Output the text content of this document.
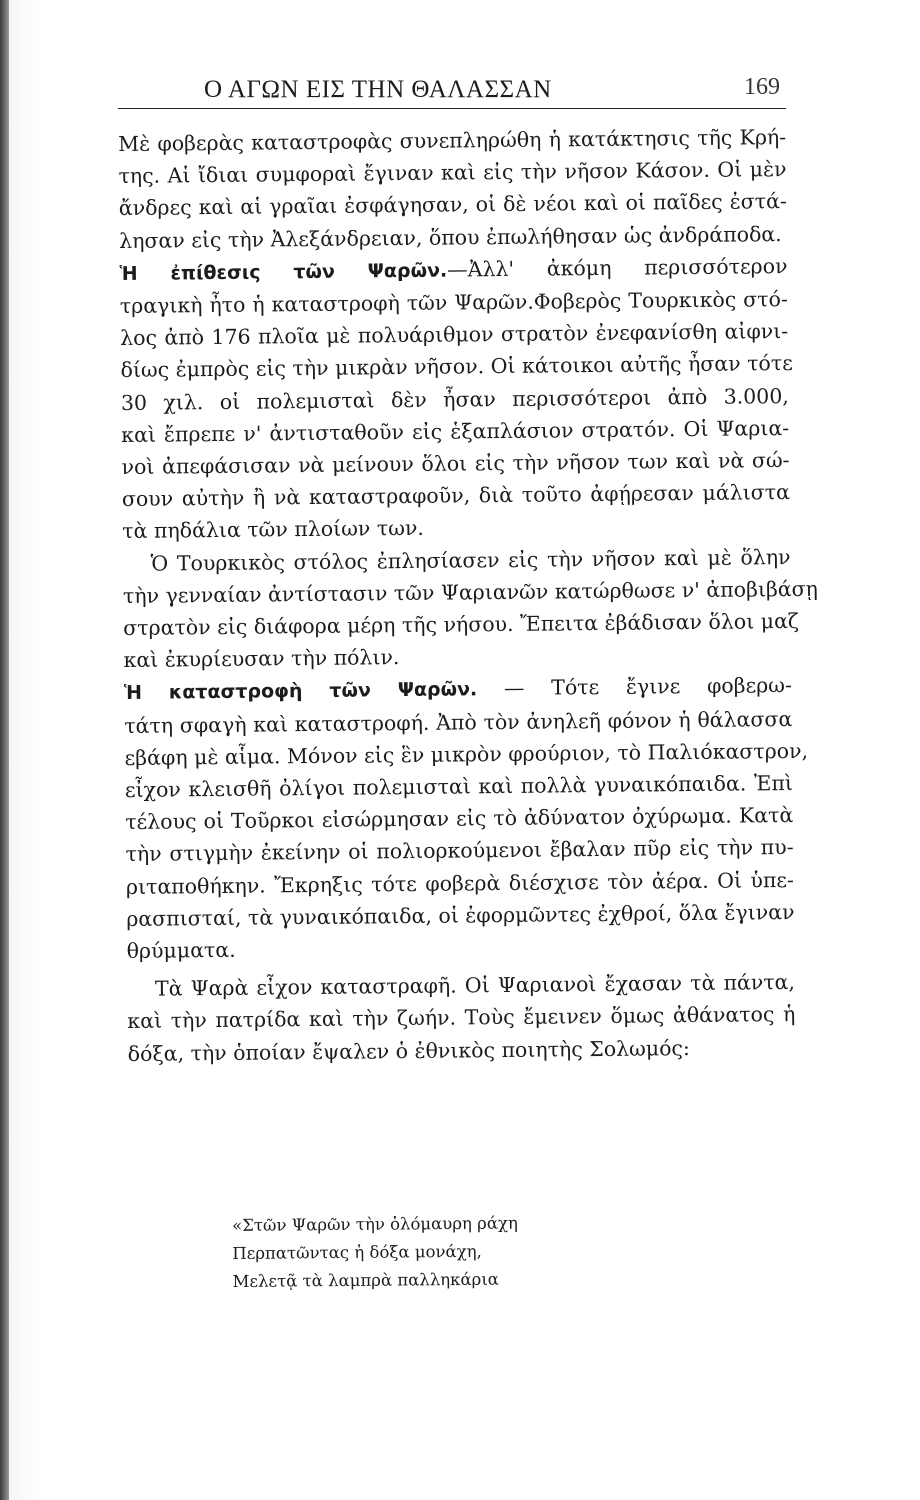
Ο ΑΓΩΝ ΕΙΣ ΤΗΝ ΘΑΛΑΣΣΑΝ	169
Μὲ φοβερὰς καταστροφὰς συνεπληρώθη ἡ κατάκτησις τῆς Κρή-
της. Αἱ ἴδιαι συμφοραὶ ἔγιναν καὶ εἰς τὴν νῆσον Κάσον. Οἱ μὲν
ἄνδρες καὶ αἱ γραῖαι ἐσφάγησαν, οἱ δὲ νέοι καὶ οἱ παῖδες ἐστά-
λησαν εἰς τὴν Ἀλεξάνδρειαν, ὅπου ἐπωλήθησαν ὡς ἀνδράποδα.
Ἡ ἐπίθεσις τῶν Ψαρῶν.—Ἀλλ' ἀκόμη περισσότερον
τραγικὴ ἦτο ἡ καταστροφὴ τῶν Ψαρῶν.Φοβερὸς Τουρκικὸς στό-
λος ἀπὸ 176 πλοῖα μὲ πολυάριθμον στρατὸν ἐνεφανίσθη αἰφνι-
δίως ἐμπρὸς εἰς τὴν μικρὰν νῆσον. Οἱ κάτοικοι αὐτῆς ἦσαν τότε
30 χιλ. οἱ πολεμισταὶ δὲν ἦσαν περισσότεροι ἀπὸ 3.000,
καὶ ἔπρεπε ν' ἀντισταθοῦν εἰς ἑξαπλάσιον στρατόν. Οἱ Ψαρια-
νοὶ ἀπεφάσισαν νὰ μείνουν ὅλοι εἰς τὴν νῆσον των καὶ νὰ σώ-
σουν αὐτὴν ἢ νὰ καταστραφοῦν, διὰ τοῦτο ἀφῄρεσαν μάλιστα
τὰ πηδάλια τῶν πλοίων των.
Ὁ Τουρκικὸς στόλος ἐπλησίασεν εἰς τὴν νῆσον καὶ μὲ ὅλην
τὴν γενναίαν ἀντίστασιν τῶν Ψαριανῶν κατώρθωσε ν' ἀποβιβάσῃ
στρατὸν εἰς διάφορα μέρη τῆς νήσου. Ἔπειτα ἐβάδισαν ὅλοι μαζ
καὶ ἐκυρίευσαν τὴν πόλιν.
Ἡ καταστροφὴ τῶν Ψαρῶν. — Τότε ἔγινε φοβερω-
τάτη σφαγὴ καὶ καταστροφή. Ἀπὸ τὸν ἀνηλεῆ φόνον ἡ θάλασσα
εβάφη μὲ αἷμα. Μόνον εἰς ἓν μικρὸν φρούριον, τὸ Παλιόκαστρον,
εἶχον κλεισθῆ ὀλίγοι πολεμισταὶ καὶ πολλὰ γυναικόπαιδα. Ἐπὶ
τέλους οἱ Τοῦρκοι εἰσώρμησαν εἰς τὸ ἀδύνατον ὀχύρωμα. Κατὰ
τὴν στιγμὴν ἐκείνην οἱ πολιορκούμενοι ἔβαλαν πῦρ εἰς τὴν πυ-
ριταποθήκην. Ἔκρηξις τότε φοβερὰ διέσχισε τὸν ἀέρα. Οἱ ὑπε-
ρασπισταί, τὰ γυναικόπαιδα, οἱ ἐφορμῶντες ἐχθροί, ὅλα ἔγιναν
θρύμματα.
Τὰ Ψαρὰ εἶχον καταστραφῆ. Οἱ Ψαριανοὶ ἔχασαν τὰ πάντα,
καὶ τὴν πατρίδα καὶ τὴν ζωήν. Τοὺς ἔμεινεν ὅμως ἀθάνατος ἡ
δόξα, τὴν ὁποίαν ἔψαλεν ὁ ἐθνικὸς ποιητὴς Σολωμός:
«Στῶν Ψαρῶν τὴν ὁλόμαυρη ράχη
Περπατῶντας ἡ δόξα μονάχη,
Μελετᾷ τὰ λαμπρὰ παλληκάρια
